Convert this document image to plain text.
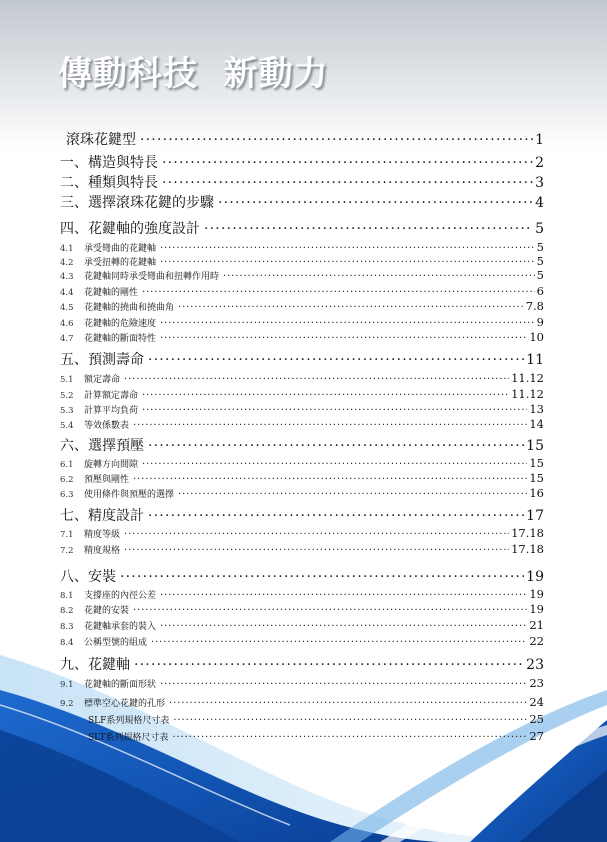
傳動科技  新動力
滾珠花鍵型 ·····	1
一、構造與特長 ·····	2
二、種類與特長 ·····	3
三、選擇滾珠花鍵的步驟 ·····	4
四、花鍵軸的強度設計 ·····	5
4.1	承受彎曲的花鍵軸 ·····	5
4.2	承受扭轉的花鍵軸 ·····	5
4.3	花鍵軸同時承受彎曲和扭轉作用時 ·····	5
4.4	花鍵軸的剛性 ·····	6
4.5	花鍵軸的撓曲和撓曲角 ·····	7.8
4.6	花鍵軸的危險速度 ·····	9
4.7	花鍵軸的斷面特性 ·····	10
五、預測壽命 ·····	11
5.1	額定壽命 ·····	11.12
5.2	計算額定壽命 ·····	11.12
5.3	計算平均負荷 ·····	13
5.4	等效係數表 ·····	14
六、選擇預壓 ·····	15
6.1	旋轉方向間隙 ·····	15
6.2	預壓與剛性 ·····	15
6.3	使用條件與預壓的選擇 ·····	16
七、精度設計 ·····	17
7.1	精度等級 ·····	17.18
7.2	精度規格 ·····	17.18
八、安裝 ·····	19
8.1	支撐座的內徑公差 ·····	19
8.2	花鍵的安裝 ·····	19
8.3	花鍵軸承套的裝入 ·····	21
8.4	公稱型號的組成 ·····	22
九、花鍵軸 ·····	23
9.1	花鍵軸的斷面形狀 ·····	23
9.2	標準空心花鍵的孔形 ·····	24
SLF系列規格尺寸表 ·····	25
SLT系列規格尺寸表 ·····	27
